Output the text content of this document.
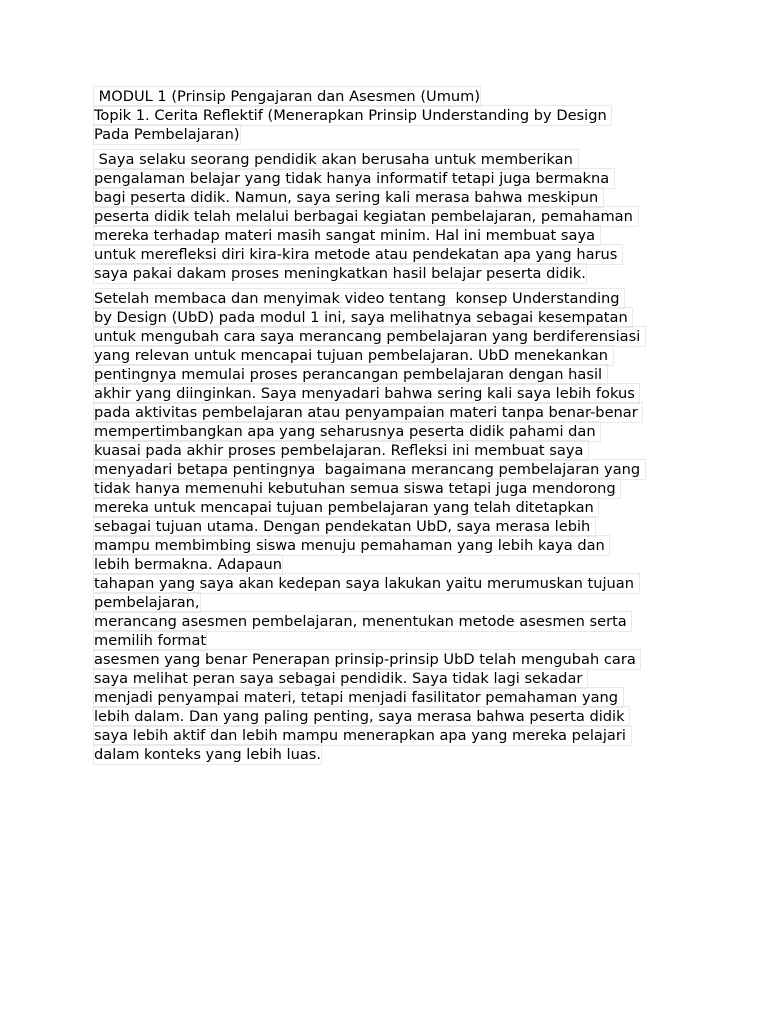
MODUL 1 (Prinsip Pengajaran dan Asesmen (Umum)
Topik 1. Cerita Reflektif (Menerapkan Prinsip Understanding by Design
Pada Pembelajaran)
Saya selaku seorang pendidik akan berusaha untuk memberikan
pengalaman belajar yang tidak hanya informatif tetapi juga bermakna
bagi peserta didik. Namun, saya sering kali merasa bahwa meskipun
peserta didik telah melalui berbagai kegiatan pembelajaran, pemahaman
mereka terhadap materi masih sangat minim. Hal ini membuat saya
untuk merefleksi diri kira-kira metode atau pendekatan apa yang harus
saya pakai dakam proses meningkatkan hasil belajar peserta didik.
Setelah membaca dan menyimak video tentang  konsep Understanding
by Design (UbD) pada modul 1 ini, saya melihatnya sebagai kesempatan
untuk mengubah cara saya merancang pembelajaran yang berdiferensiasi
yang relevan untuk mencapai tujuan pembelajaran. UbD menekankan
pentingnya memulai proses perancangan pembelajaran dengan hasil
akhir yang diinginkan. Saya menyadari bahwa sering kali saya lebih fokus
pada aktivitas pembelajaran atau penyampaian materi tanpa benar-benar
mempertimbangkan apa yang seharusnya peserta didik pahami dan
kuasai pada akhir proses pembelajaran. Refleksi ini membuat saya
menyadari betapa pentingnya  bagaimana merancang pembelajaran yang
tidak hanya memenuhi kebutuhan semua siswa tetapi juga mendorong
mereka untuk mencapai tujuan pembelajaran yang telah ditetapkan
sebagai tujuan utama. Dengan pendekatan UbD, saya merasa lebih
mampu membimbing siswa menuju pemahaman yang lebih kaya dan
lebih bermakna. Adapaun
tahapan yang saya akan kedepan saya lakukan yaitu merumuskan tujuan
pembelajaran,
merancang asesmen pembelajaran, menentukan metode asesmen serta
memilih format
asesmen yang benar Penerapan prinsip-prinsip UbD telah mengubah cara
saya melihat peran saya sebagai pendidik. Saya tidak lagi sekadar
menjadi penyampai materi, tetapi menjadi fasilitator pemahaman yang
lebih dalam. Dan yang paling penting, saya merasa bahwa peserta didik
saya lebih aktif dan lebih mampu menerapkan apa yang mereka pelajari
dalam konteks yang lebih luas.
